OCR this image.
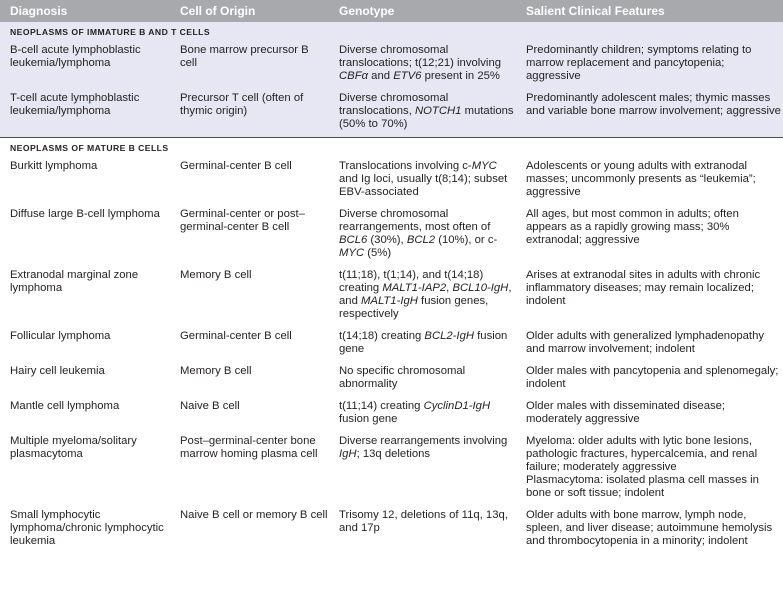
Diagnosis	Cell of Origin	Genotype	Salient Clinical Features
NEOPLASMS OF IMMATURE B AND T CELLS			
B-cell acute lymphoblastic leukemia/lymphoma	Bone marrow precursor B cell	Diverse chromosomal translocations; t(12;21) involving CBFα and ETV6 present in 25%	Predominantly children; symptoms relating to marrow replacement and pancytopenia; aggressive

T-cell acute lymphoblastic leukemia/lymphoma	Precursor T cell (often of thymic origin)	Diverse chromosomal translocations, NOTCH1 mutations (50% to 70%)	Predominantly adolescent males; thymic masses and variable bone marrow involvement; aggressive

NEOPLASMS OF MATURE B CELLS			
Burkitt lymphoma	Germinal-center B cell	Translocations involving c-MYC and Ig loci, usually t(8;14); subset EBV-associated	Adolescents or young adults with extranodal masses; uncommonly presents as “leukemia”; aggressive

Diffuse large B-cell lymphoma	Germinal-center or post–germinal-center B cell	Diverse chromosomal rearrangements, most often of BCL6 (30%), BCL2 (10%), or c-MYC (5%)	All ages, but most common in adults; often appears as a rapidly growing mass; 30% extranodal; aggressive

Extranodal marginal zone lymphoma	Memory B cell	t(11;18), t(1;14), and t(14;18) creating MALT1-IAP2, BCL10-IgH, and MALT1-IgH fusion genes, respectively	Arises at extranodal sites in adults with chronic inflammatory diseases; may remain localized; indolent

Follicular lymphoma	Germinal-center B cell	t(14;18) creating BCL2-IgH fusion gene	Older adults with generalized lymphadenopathy and marrow involvement; indolent

Hairy cell leukemia	Memory B cell	No specific chromosomal abnormality	Older males with pancytopenia and splenomegaly; indolent

Mantle cell lymphoma	Naive B cell	t(11;14) creating CyclinD1-IgH fusion gene	Older males with disseminated disease; moderately aggressive

Multiple myeloma/solitary plasmacytoma	Post–germinal-center bone marrow homing plasma cell	Diverse rearrangements involving IgH; 13q deletions	Myeloma: older adults with lytic bone lesions, pathologic fractures, hypercalcemia, and renal failure; moderately aggressive
Plasmacytoma: isolated plasma cell masses in bone or soft tissue; indolent

Small lymphocytic lymphoma/chronic lymphocytic leukemia	Naive B cell or memory B cell	Trisomy 12, deletions of 11q, 13q, and 17p	Older adults with bone marrow, lymph node, spleen, and liver disease; autoimmune hemolysis and thrombocytopenia in a minority; indolent
